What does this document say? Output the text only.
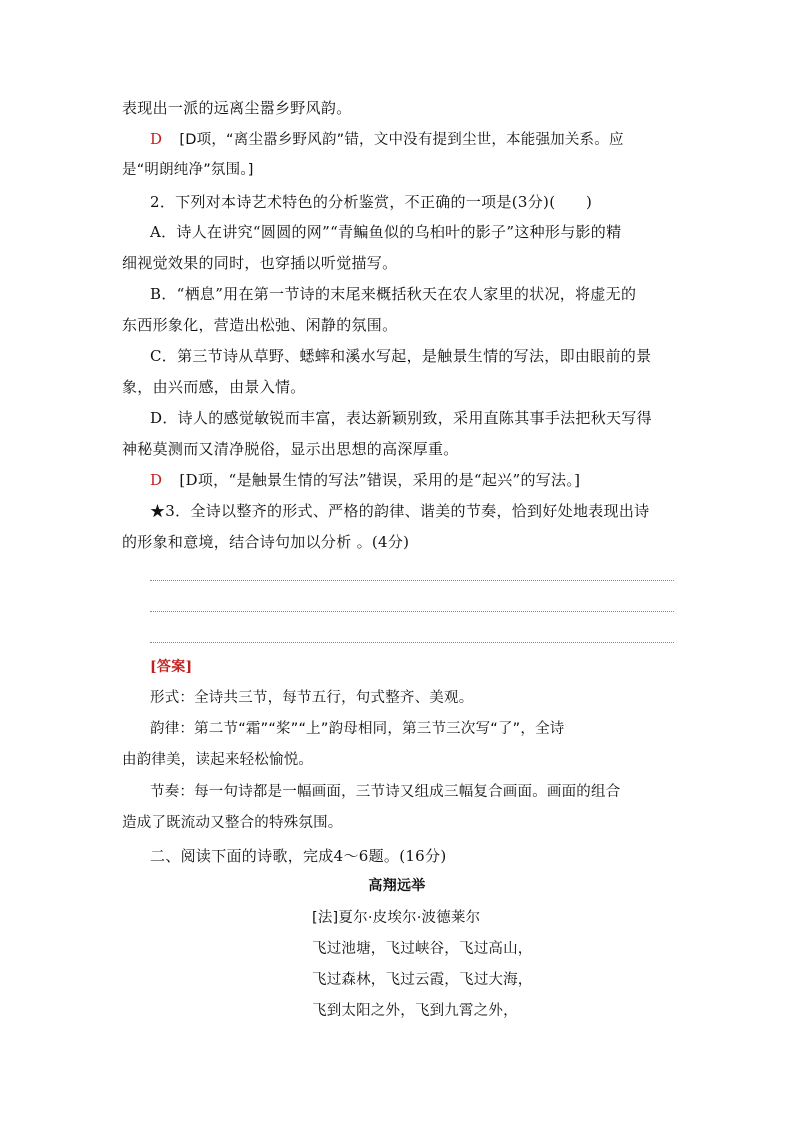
表现出一派的远离尘嚣乡野风韵。
D [D项，“离尘嚣乡野风韵”错，文中没有提到尘世，本能强加关系。应
是“明朗纯净”氛围。]
2．下列对本诗艺术特色的分析鉴赏，不正确的一项是(3分)(　　)
A．诗人在讲究“圆圆的网”“青鳊鱼似的乌桕叶的影子”这种形与影的精
细视觉效果的同时，也穿插以听觉描写。
B．“栖息”用在第一节诗的末尾来概括秋天在农人家里的状况，将虚无的
东西形象化，营造出松弛、闲静的氛围。
C．第三节诗从草野、蟋蟀和溪水写起，是触景生情的写法，即由眼前的景
象，由兴而感，由景入情。
D．诗人的感觉敏锐而丰富，表达新颖别致，采用直陈其事手法把秋天写得
神秘莫测而又清净脱俗，显示出思想的高深厚重。
D [D项，“是触景生情的写法”错误，采用的是“起兴”的写法。]
★3．全诗以整齐的形式、严格的韵律、谐美的节奏，恰到好处地表现出诗
的形象和意境，结合诗句加以分析 。(4分)
[答案]
形式：全诗共三节，每节五行，句式整齐、美观。
韵律：第二节“霜”“桨”“上”韵母相同，第三节三次写“了”，全诗
由韵律美，读起来轻松愉悦。
节奏：每一句诗都是一幅画面，三节诗又组成三幅复合画面。画面的组合
造成了既流动又整合的特殊氛围。
二、阅读下面的诗歌，完成4～6题。(16分)
高翔远举
[法]夏尔·皮埃尔·波德莱尔
飞过池塘，飞过峡谷，飞过高山，
飞过森林，飞过云霞，飞过大海，
飞到太阳之外，飞到九霄之外，
